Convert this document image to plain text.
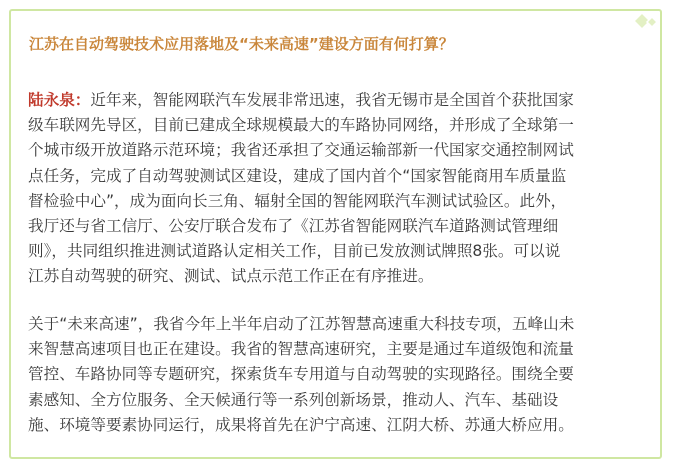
江苏在自动驾驶技术应用落地及“未来高速”建设方面有何打算？
陆永泉：近年来，智能网联汽车发展非常迅速，我省无锡市是全国首个获批国家
级车联网先导区，目前已建成全球规模最大的车路协同网络，并形成了全球第一
个城市级开放道路示范环境；我省还承担了交通运输部新一代国家交通控制网试
点任务，完成了自动驾驶测试区建设，建成了国内首个“国家智能商用车质量监
督检验中心”，成为面向长三角、辐射全国的智能网联汽车测试试验区。此外，
我厅还与省工信厅、公安厅联合发布了《江苏省智能网联汽车道路测试管理细
则》，共同组织推进测试道路认定相关工作，目前已发放测试牌照8张。可以说
江苏自动驾驶的研究、测试、试点示范工作正在有序推进。
关于“未来高速”，我省今年上半年启动了江苏智慧高速重大科技专项，五峰山未
来智慧高速项目也正在建设。我省的智慧高速研究，主要是通过车道级饱和流量
管控、车路协同等专题研究，探索货车专用道与自动驾驶的实现路径。围绕全要
素感知、全方位服务、全天候通行等一系列创新场景，推动人、汽车、基础设
施、环境等要素协同运行，成果将首先在沪宁高速、江阴大桥、苏通大桥应用。
